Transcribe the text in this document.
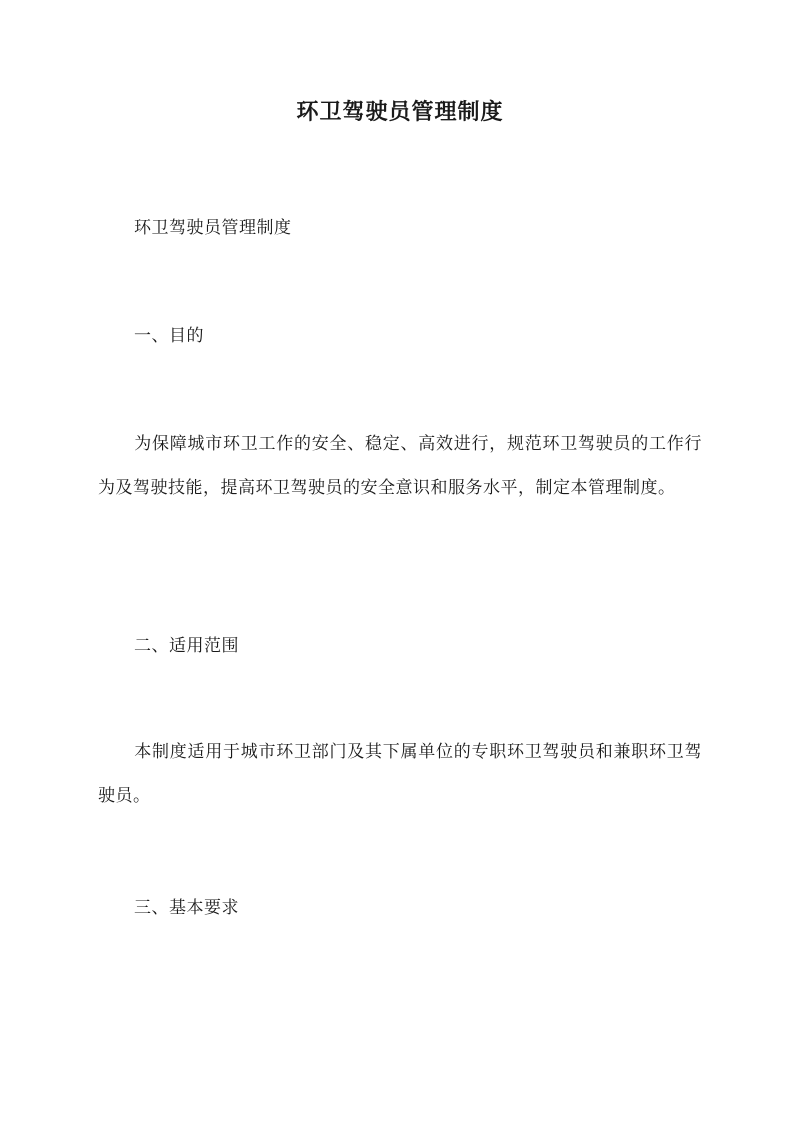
环卫驾驶员管理制度

环卫驾驶员管理制度

一、目的

为保障城市环卫工作的安全、稳定、高效进行，规范环卫驾驶员的工作行为及驾驶技能，提高环卫驾驶员的安全意识和服务水平，制定本管理制度。

二、适用范围

本制度适用于城市环卫部门及其下属单位的专职环卫驾驶员和兼职环卫驾驶员。

三、基本要求
